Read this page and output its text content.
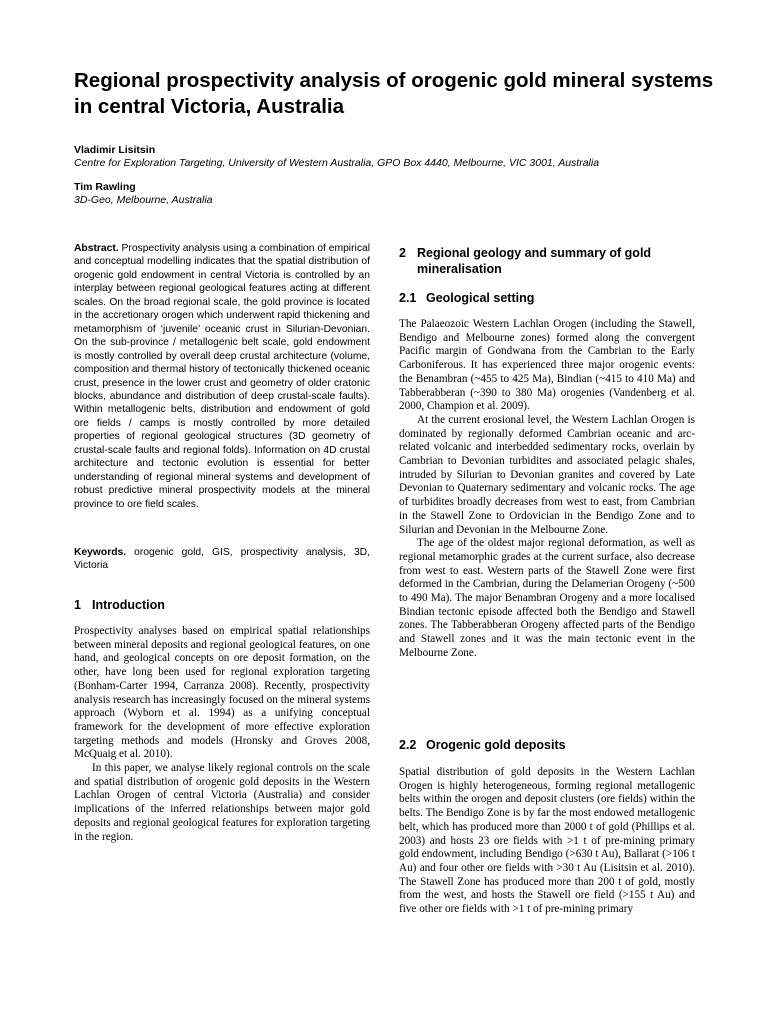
Regional prospectivity analysis of orogenic gold mineral systems in central Victoria, Australia
Vladimir Lisitsin
Centre for Exploration Targeting, University of Western Australia, GPO Box 4440, Melbourne, VIC 3001, Australia
Tim Rawling
3D-Geo, Melbourne, Australia

Abstract. Prospectivity analysis using a combination of empirical and conceptual modelling indicates that the spatial distribution of orogenic gold endowment in central Victoria is controlled by an interplay between regional geological features acting at different scales. On the broad regional scale, the gold province is located in the accretionary orogen which underwent rapid thickening and metamorphism of ‘juvenile’ oceanic crust in Silurian-Devonian. On the sub-province / metallogenic belt scale, gold endowment is mostly controlled by overall deep crustal architecture (volume, composition and thermal history of tectonically thickened oceanic crust, presence in the lower crust and geometry of older cratonic blocks, abundance and distribution of deep crustal-scale faults). Within metallogenic belts, distribution and endowment of gold ore fields / camps is mostly controlled by more detailed properties of regional geological structures (3D geometry of crustal-scale faults and regional folds). Information on 4D crustal architecture and tectonic evolution is essential for better understanding of regional mineral systems and development of robust predictive mineral prospectivity models at the mineral province to ore field scales.

Keywords. orogenic gold, GIS, prospectivity analysis, 3D, Victoria

1 Introduction

Prospectivity analyses based on empirical spatial relationships between mineral deposits and regional geological features, on one hand, and geological concepts on ore deposit formation, on the other, have long been used for regional exploration targeting (Bonham-Carter 1994, Carranza 2008). Recently, prospectivity analysis research has increasingly focused on the mineral systems approach (Wyborn et al. 1994) as a unifying conceptual framework for the development of more effective exploration targeting methods and models (Hronsky and Groves 2008, McQuaig et al. 2010).

In this paper, we analyse likely regional controls on the scale and spatial distribution of orogenic gold deposits in the Western Lachlan Orogen of central Victoria (Australia) and consider implications of the inferred relationships between major gold deposits and regional geological features for exploration targeting in the region.

2 Regional geology and summary of gold mineralisation
2.1 Geological setting

The Palaeozoic Western Lachlan Orogen (including the Stawell, Bendigo and Melbourne zones) formed along the convergent Pacific margin of Gondwana from the Cambrian to the Early Carboniferous. It has experienced three major orogenic events: the Benambran (~455 to 425 Ma), Bindian (~415 to 410 Ma) and Tabberabberan (~390 to 380 Ma) orogenies (Vandenberg et al. 2000, Champion et al. 2009).

At the current erosional level, the Western Lachlan Orogen is dominated by regionally deformed Cambrian oceanic and arc-related volcanic and interbedded sedimentary rocks, overlain by Cambrian to Devonian turbidites and associated pelagic shales, intruded by Silurian to Devonian granites and covered by Late Devonian to Quaternary sedimentary and volcanic rocks. The age of turbidites broadly decreases from west to east, from Cambrian in the Stawell Zone to Ordovician in the Bendigo Zone and to Silurian and Devonian in the Melbourne Zone.

The age of the oldest major regional deformation, as well as regional metamorphic grades at the current surface, also decrease from west to east. Western parts of the Stawell Zone were first deformed in the Cambrian, during the Delamerian Orogeny (~500 to 490 Ma). The major Benambran Orogeny and a more localised Bindian tectonic episode affected both the Bendigo and Stawell zones. The Tabberabberan Orogeny affected parts of the Bendigo and Stawell zones and it was the main tectonic event in the Melbourne Zone.

2.2 Orogenic gold deposits

Spatial distribution of gold deposits in the Western Lachlan Orogen is highly heterogeneous, forming regional metallogenic belts within the orogen and deposit clusters (ore fields) within the belts. The Bendigo Zone is by far the most endowed metallogenic belt, which has produced more than 2000 t of gold (Phillips et al. 2003) and hosts 23 ore fields with >1 t of pre-mining primary gold endowment, including Bendigo (>630 t Au), Ballarat (>106 t Au) and four other ore fields with >30 t Au (Lisitsin et al. 2010). The Stawell Zone has produced more than 200 t of gold, mostly from the west, and hosts the Stawell ore field (>155 t Au) and five other ore fields with >1 t of pre-mining primary
